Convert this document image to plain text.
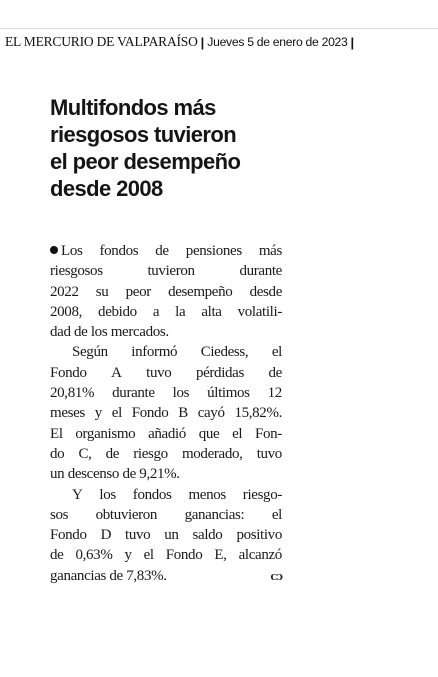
EL MERCURIO DE VALPARAÍSO | Jueves 5 de enero de 2023 |
Multifondos más
riesgosos tuvieron
el peor desempeño
desde 2008
Los fondos de pensiones más
riesgosos	tuvieron	durante
2022 su peor desempeño desde
2008, debido a la alta volatili-
dad de los mercados.
Según informó Ciedess, el
Fondo A tuvo pérdidas de
20,81% durante los últimos 12
meses y el Fondo B cayó 15,82%.
El organismo añadió que el Fon-
do C, de riesgo moderado, tuvo
un descenso de 9,21%.
Y los fondos menos riesgo-
sos obtuvieron ganancias: el
Fondo D tuvo un saldo positivo
de 0,63% y el Fondo E, alcanzó
ganancias de 7,83%.	ᴄᴐ
